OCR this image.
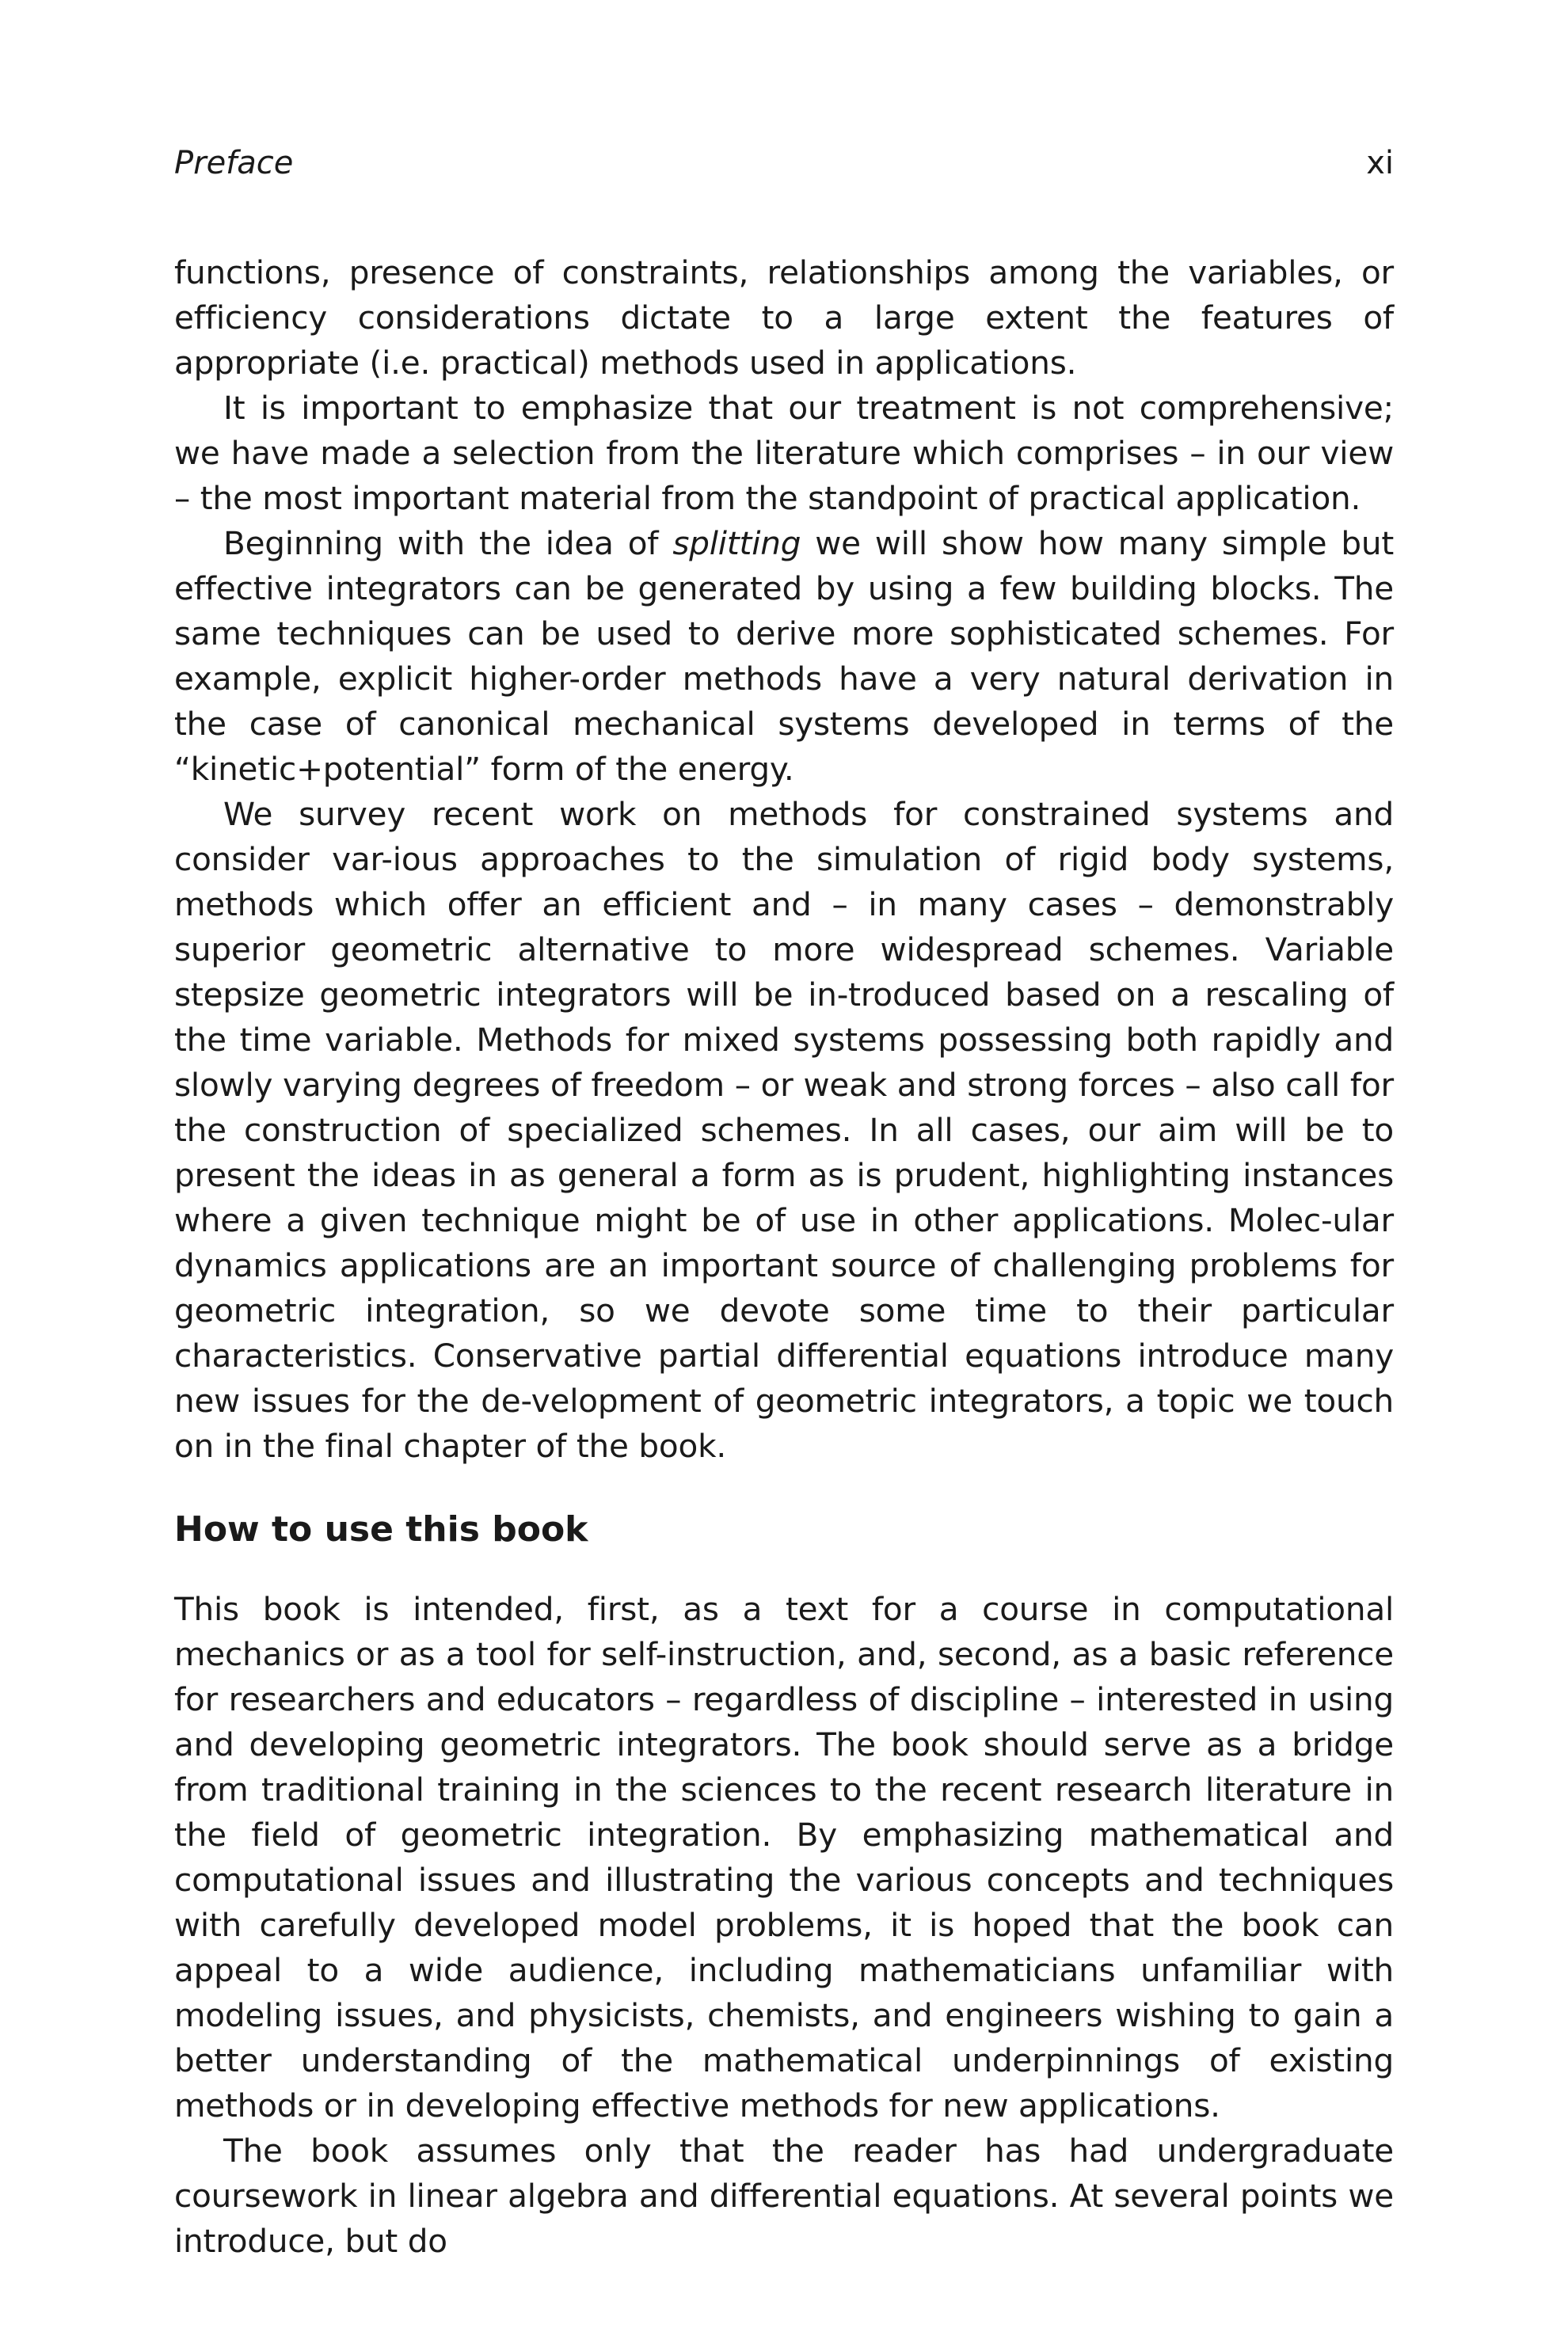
Preface	xi

functions, presence of constraints, relationships among the variables, or efficiency considerations dictate to a large extent the features of appropriate (i.e. practical) methods used in applications.

It is important to emphasize that our treatment is not comprehensive; we have made a selection from the literature which comprises – in our view – the most important material from the standpoint of practical application.

Beginning with the idea of splitting we will show how many simple but effective integrators can be generated by using a few building blocks. The same techniques can be used to derive more sophisticated schemes. For example, explicit higher-order methods have a very natural derivation in the case of canonical mechanical systems developed in terms of the “kinetic+potential” form of the energy.

We survey recent work on methods for constrained systems and consider var-ious approaches to the simulation of rigid body systems, methods which offer an efficient and – in many cases – demonstrably superior geometric alternative to more widespread schemes. Variable stepsize geometric integrators will be in-troduced based on a rescaling of the time variable. Methods for mixed systems possessing both rapidly and slowly varying degrees of freedom – or weak and strong forces – also call for the construction of specialized schemes. In all cases, our aim will be to present the ideas in as general a form as is prudent, highlighting instances where a given technique might be of use in other applications. Molec-ular dynamics applications are an important source of challenging problems for geometric integration, so we devote some time to their particular characteristics. Conservative partial differential equations introduce many new issues for the de-velopment of geometric integrators, a topic we touch on in the final chapter of the book.

How to use this book

This book is intended, first, as a text for a course in computational mechanics or as a tool for self-instruction, and, second, as a basic reference for researchers and educators – regardless of discipline – interested in using and developing geometric integrators. The book should serve as a bridge from traditional training in the sciences to the recent research literature in the field of geometric integration. By emphasizing mathematical and computational issues and illustrating the various concepts and techniques with carefully developed model problems, it is hoped that the book can appeal to a wide audience, including mathematicians unfamiliar with modeling issues, and physicists, chemists, and engineers wishing to gain a better understanding of the mathematical underpinnings of existing methods or in developing effective methods for new applications.

The book assumes only that the reader has had undergraduate coursework in linear algebra and differential equations. At several points we introduce, but do
